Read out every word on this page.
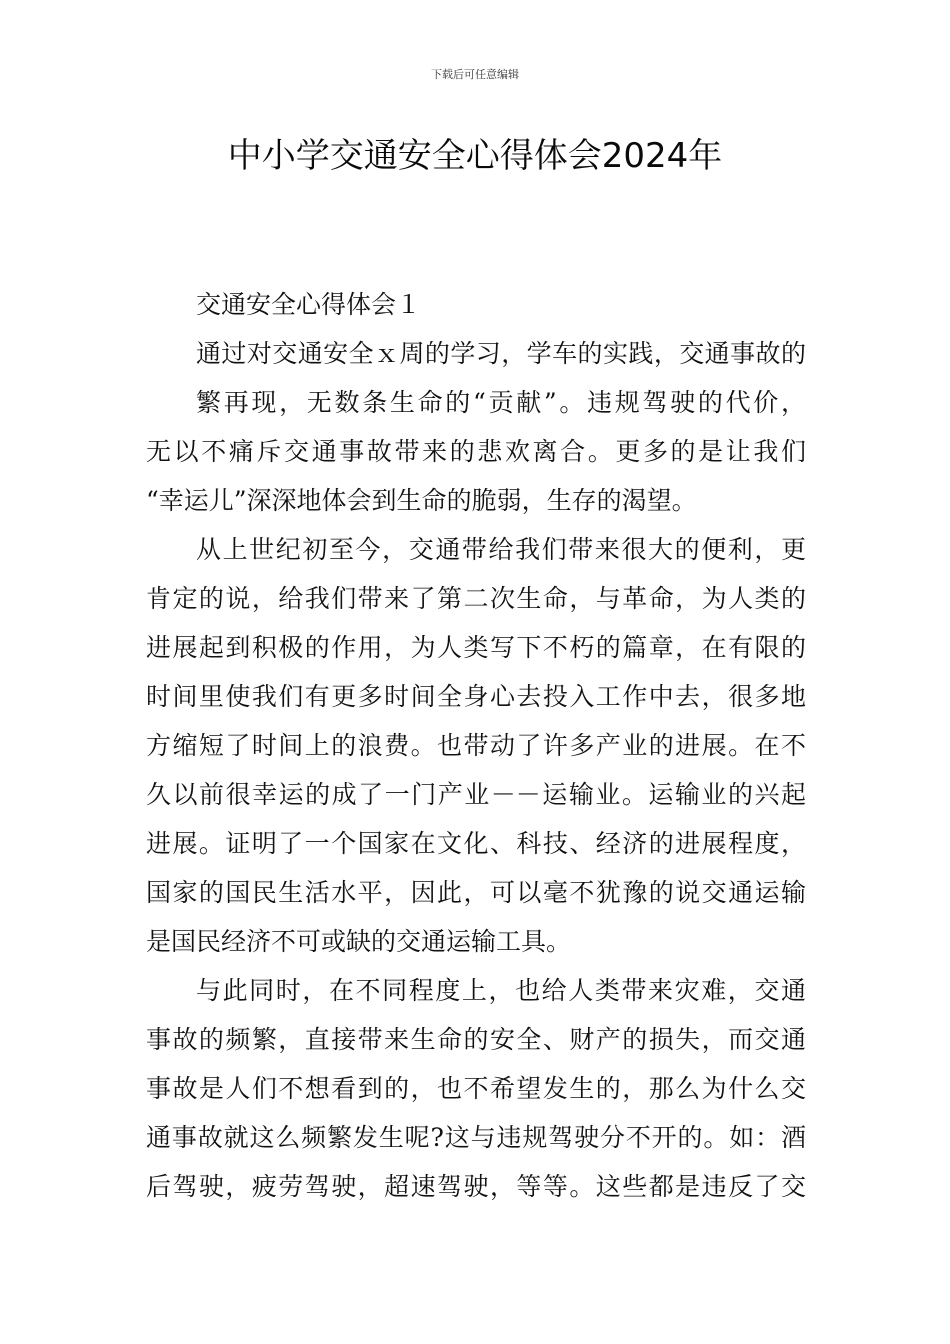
下载后可任意编辑
中小学交通安全心得体会2024年
交通安全心得体会１
通过对交通安全ｘ周的学习，学车的实践，交通事故的
繁再现，无数条生命的“贡献”。违规驾驶的代价，
无以不痛斥交通事故带来的悲欢离合。更多的是让我们
“幸运儿”深深地体会到生命的脆弱，生存的渴望。
从上世纪初至今，交通带给我们带来很大的便利，更
肯定的说，给我们带来了第二次生命，与革命，为人类的
进展起到积极的作用，为人类写下不朽的篇章，在有限的
时间里使我们有更多时间全身心去投入工作中去，很多地
方缩短了时间上的浪费。也带动了许多产业的进展。在不
久以前很幸运的成了一门产业－－运输业。运输业的兴起
进展。证明了一个国家在文化、科技、经济的进展程度，
国家的国民生活水平，因此，可以毫不犹豫的说交通运输
是国民经济不可或缺的交通运输工具。
与此同时，在不同程度上，也给人类带来灾难，交通
事故的频繁，直接带来生命的安全、财产的损失，而交通
事故是人们不想看到的，也不希望发生的，那么为什么交
通事故就这么频繁发生呢?这与违规驾驶分不开的。如：酒
后驾驶，疲劳驾驶，超速驾驶，等等。这些都是违反了交
